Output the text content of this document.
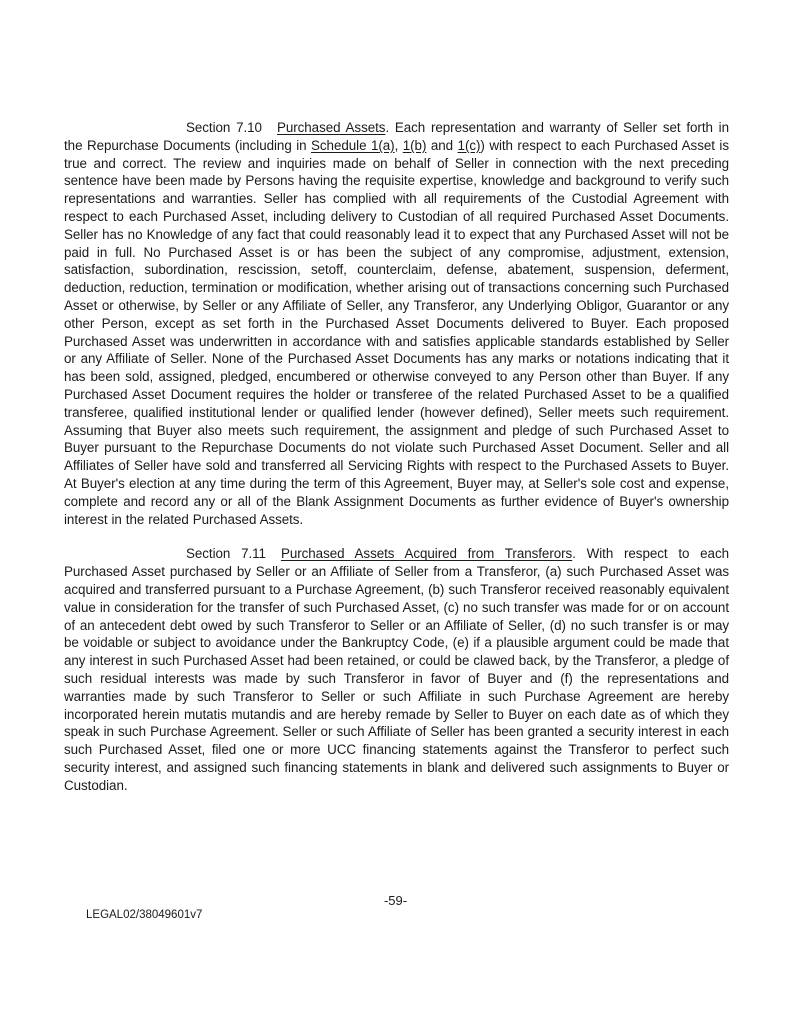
Section 7.10 Purchased Assets. Each representation and warranty of Seller set forth in the Repurchase Documents (including in Schedule 1(a), 1(b) and 1(c)) with respect to each Purchased Asset is true and correct. The review and inquiries made on behalf of Seller in connection with the next preceding sentence have been made by Persons having the requisite expertise, knowledge and background to verify such representations and warranties. Seller has complied with all requirements of the Custodial Agreement with respect to each Purchased Asset, including delivery to Custodian of all required Purchased Asset Documents. Seller has no Knowledge of any fact that could reasonably lead it to expect that any Purchased Asset will not be paid in full. No Purchased Asset is or has been the subject of any compromise, adjustment, extension, satisfaction, subordination, rescission, setoff, counterclaim, defense, abatement, suspension, deferment, deduction, reduction, termination or modification, whether arising out of transactions concerning such Purchased Asset or otherwise, by Seller or any Affiliate of Seller, any Transferor, any Underlying Obligor, Guarantor or any other Person, except as set forth in the Purchased Asset Documents delivered to Buyer. Each proposed Purchased Asset was underwritten in accordance with and satisfies applicable standards established by Seller or any Affiliate of Seller. None of the Purchased Asset Documents has any marks or notations indicating that it has been sold, assigned, pledged, encumbered or otherwise conveyed to any Person other than Buyer. If any Purchased Asset Document requires the holder or transferee of the related Purchased Asset to be a qualified transferee, qualified institutional lender or qualified lender (however defined), Seller meets such requirement. Assuming that Buyer also meets such requirement, the assignment and pledge of such Purchased Asset to Buyer pursuant to the Repurchase Documents do not violate such Purchased Asset Document. Seller and all Affiliates of Seller have sold and transferred all Servicing Rights with respect to the Purchased Assets to Buyer. At Buyer's election at any time during the term of this Agreement, Buyer may, at Seller's sole cost and expense, complete and record any or all of the Blank Assignment Documents as further evidence of Buyer's ownership interest in the related Purchased Assets.

Section 7.11 Purchased Assets Acquired from Transferors. With respect to each Purchased Asset purchased by Seller or an Affiliate of Seller from a Transferor, (a) such Purchased Asset was acquired and transferred pursuant to a Purchase Agreement, (b) such Transferor received reasonably equivalent value in consideration for the transfer of such Purchased Asset, (c) no such transfer was made for or on account of an antecedent debt owed by such Transferor to Seller or an Affiliate of Seller, (d) no such transfer is or may be voidable or subject to avoidance under the Bankruptcy Code, (e) if a plausible argument could be made that any interest in such Purchased Asset had been retained, or could be clawed back, by the Transferor, a pledge of such residual interests was made by such Transferor in favor of Buyer and (f) the representations and warranties made by such Transferor to Seller or such Affiliate in such Purchase Agreement are hereby incorporated herein mutatis mutandis and are hereby remade by Seller to Buyer on each date as of which they speak in such Purchase Agreement. Seller or such Affiliate of Seller has been granted a security interest in each such Purchased Asset, filed one or more UCC financing statements against the Transferor to perfect such security interest, and assigned such financing statements in blank and delivered such assignments to Buyer or Custodian.

-59-
LEGAL02/38049601v7
